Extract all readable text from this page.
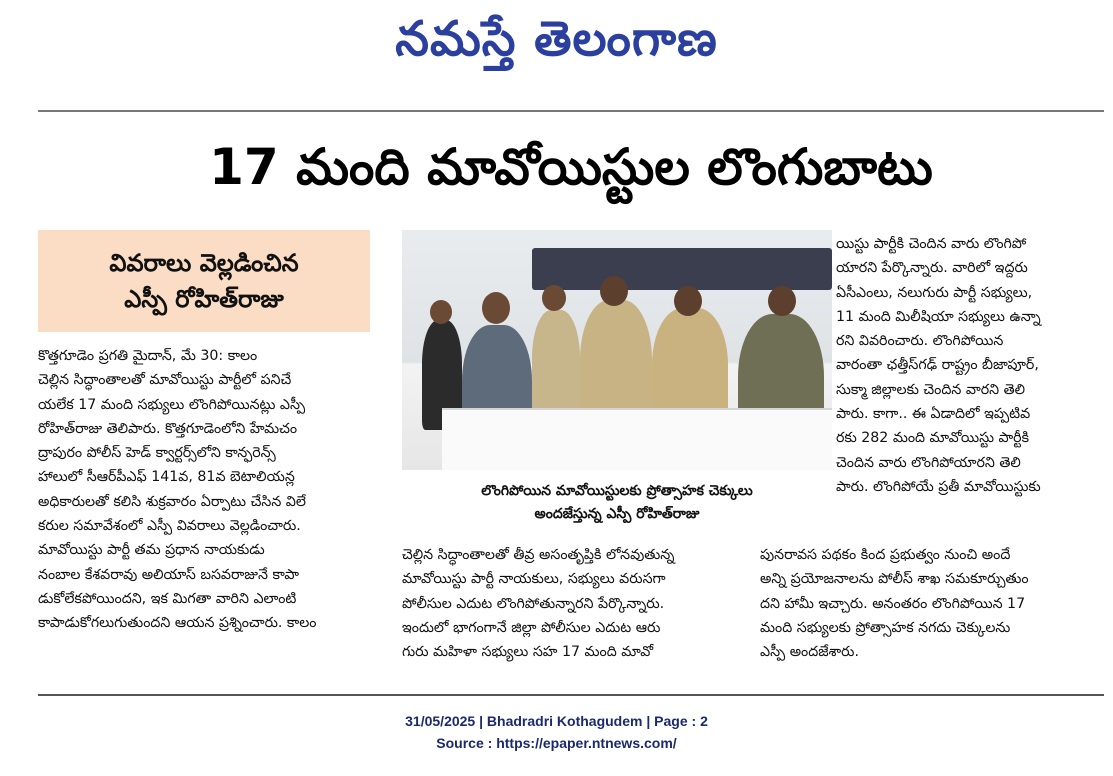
నమస్తే తెలంగాణ
17 మంది మావోయిస్టుల లొంగుబాటు
వివరాలు వెల్లడించిన
ఎస్పీ రోహిత్‌రాజు
లొంగిపోయిన మావోయిస్టులకు ప్రోత్సాహక చెక్కులు
అందజేస్తున్న ఎస్పీ రోహిత్‌రాజు

కొత్తగూడెం ప్రగతి మైదాన్, మే 30: కాలం

చెల్లిన సిద్ధాంతాలతో మావోయిస్టు పార్టీలో పనిచే

యలేక 17 మంది సభ్యులు లొంగిపోయినట్లు ఎస్పీ

రోహిత్‌రాజు తెలిపారు. కొత్తగూడెంలోని హేమచం

ద్రాపురం పోలీస్ హెడ్ క్వార్టర్స్‌లోని కాన్ఫరెన్స్

హాలులో సీఆర్‌పీఎఫ్ 141వ, 81వ బెటాలియన్ల

అధికారులతో కలిసి శుక్రవారం ఏర్పాటు చేసిన విలే

కరుల సమావేశంలో ఎస్పీ వివరాలు వెల్లడించారు.

మావోయిస్టు పార్టీ తమ ప్రధాన నాయకుడు

నంబాల కేశవరావు అలియాస్ బసవరాజునే కాపా

డుకోలేకపోయిందని, ఇక మిగతా వారిని ఎలాంటి

కాపాడుకోగలుగుతుందని ఆయన ప్రశ్నించారు. కాలం

చెల్లిన సిద్ధాంతాలతో తీవ్ర అసంతృప్తికి లోనవుతున్న

మావోయిస్టు పార్టీ నాయకులు, సభ్యులు వరుసగా

పోలీసుల ఎదుట లొంగిపోతున్నారని పేర్కొన్నారు.

ఇందులో భాగంగానే జిల్లా పోలీసుల ఎదుట ఆరు

గురు మహిళా సభ్యులు సహ 17 మంది మావో

యిస్టు పార్టీకి చెందిన వారు లొంగిపో

యారని పేర్కొన్నారు. వారిలో ఇద్దరు

ఏసీఎంలు, నలుగురు పార్టీ సభ్యులు,

11 మంది మిలీషియా సభ్యులు ఉన్నా

రని వివరించారు. లొంగిపోయిన

వారంతా ఛత్తీస్‌గఢ్ రాష్ట్రం బీజాపూర్,

సుక్మా జిల్లాలకు చెందిన వారని తెలి

పారు. కాగా.. ఈ ఏడాదిలో ఇప్పటివ

రకు 282 మంది మావోయిస్టు పార్టీకి

చెందిన వారు లొంగిపోయారని తెలి

పారు. లొంగిపోయే ప్రతీ మావోయిస్టుకు

పునరావస పథకం కింద ప్రభుత్వం నుంచి అందే

అన్ని ప్రయోజనాలను పోలీస్ శాఖ సమకూర్చుతుం

దని హామీ ఇచ్చారు. అనంతరం లొంగిపోయిన 17

మంది సభ్యులకు ప్రోత్సాహక నగదు చెక్కులను

ఎస్పీ అందజేశారు.

31/05/2025 | Bhadradri Kothagudem | Page : 2
Source : https://epaper.ntnews.com/
